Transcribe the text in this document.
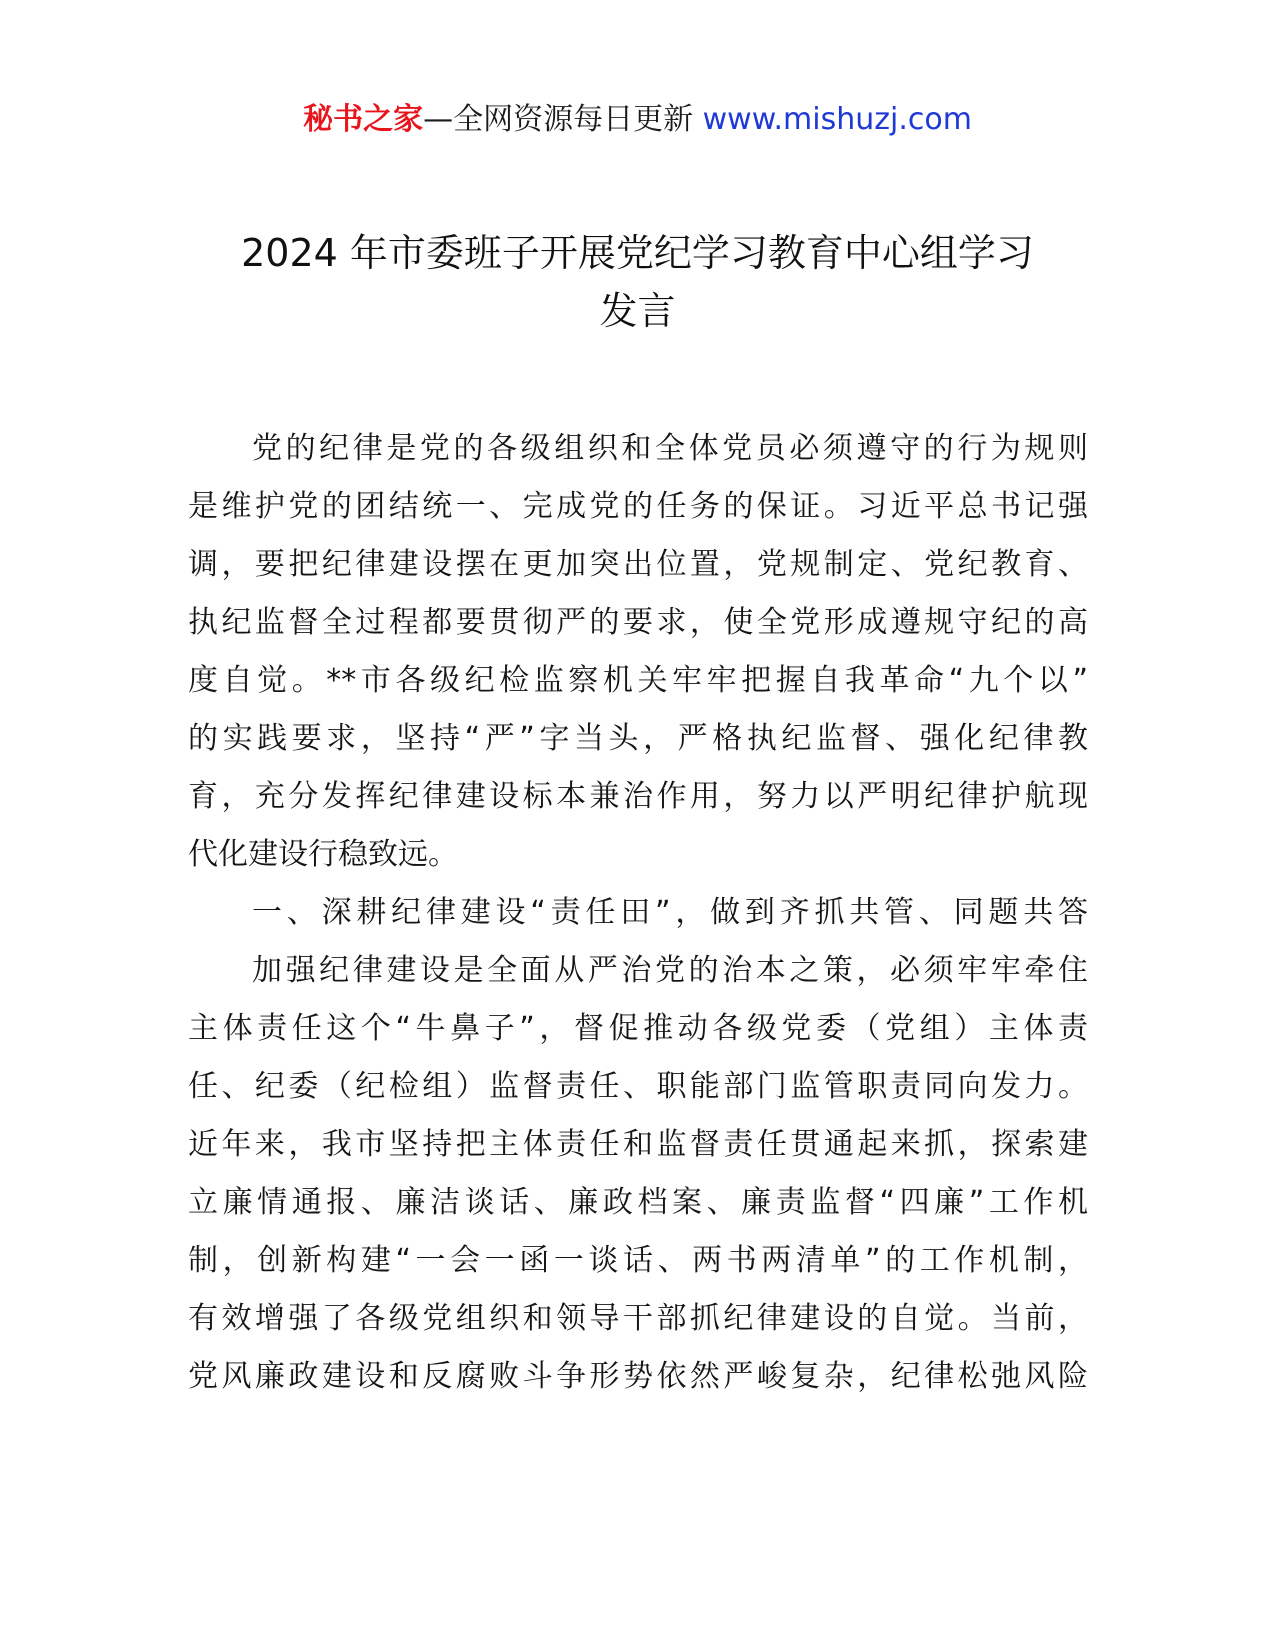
秘书之家—全网资源每日更新 www.mishuzj.com
2024 年市委班子开展党纪学习教育中心组学习
发言
党的纪律是党的各级组织和全体党员必须遵守的行为规则
是维护党的团结统一、完成党的任务的保证。习近平总书记强
调，要把纪律建设摆在更加突出位置，党规制定、党纪教育、
执纪监督全过程都要贯彻严的要求，使全党形成遵规守纪的高
度自觉。**市各级纪检监察机关牢牢把握自我革命“九个以”
的实践要求，坚持“严”字当头，严格执纪监督、强化纪律教
育，充分发挥纪律建设标本兼治作用，努力以严明纪律护航现
代化建设行稳致远。
一、深耕纪律建设“责任田”，做到齐抓共管、同题共答
加强纪律建设是全面从严治党的治本之策，必须牢牢牵住
主体责任这个“牛鼻子”，督促推动各级党委（党组）主体责
任、纪委（纪检组）监督责任、职能部门监管职责同向发力。
近年来，我市坚持把主体责任和监督责任贯通起来抓，探索建
立廉情通报、廉洁谈话、廉政档案、廉责监督“四廉”工作机
制，创新构建“一会一函一谈话、两书两清单”的工作机制，
有效增强了各级党组织和领导干部抓纪律建设的自觉。当前，
党风廉政建设和反腐败斗争形势依然严峻复杂，纪律松弛风险
